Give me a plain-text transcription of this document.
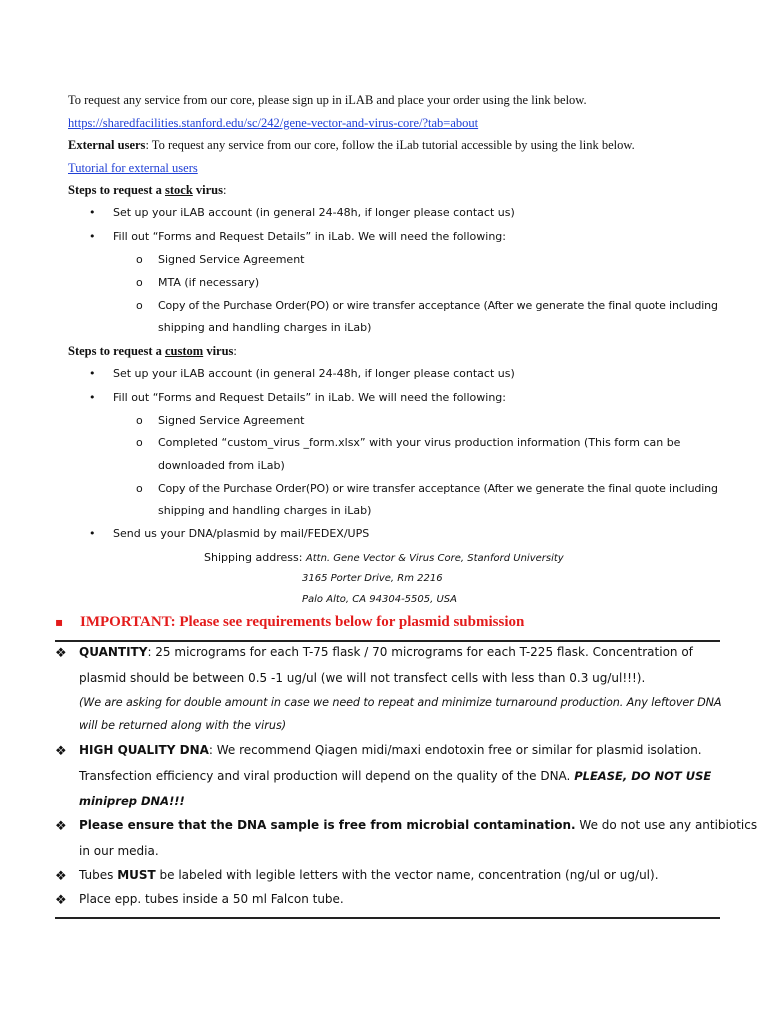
To request any service from our core, please sign up in iLAB and place your order using the link below.
https://sharedfacilities.stanford.edu/sc/242/gene-vector-and-virus-core/?tab=about
External users: To request any service from our core, follow the iLab tutorial accessible by using the link below.
Tutorial for external users
Steps to request a stock virus:
• Set up your iLAB account (in general 24-48h, if longer please contact us)
• Fill out “Forms and Request Details” in iLab. We will need the following:
o Signed Service Agreement
o MTA (if necessary)
o Copy of the Purchase Order(PO) or wire transfer acceptance (After we generate the final quote including
shipping and handling charges in iLab)
Steps to request a custom virus:
• Set up your iLAB account (in general 24-48h, if longer please contact us)
• Fill out “Forms and Request Details” in iLab. We will need the following:
o Signed Service Agreement
o Completed “custom_virus _form.xlsx” with your virus production information (This form can be
downloaded from iLab)
o Copy of the Purchase Order(PO) or wire transfer acceptance (After we generate the final quote including
shipping and handling charges in iLab)
• Send us your DNA/plasmid by mail/FEDEX/UPS
Shipping address: Attn. Gene Vector & Virus Core, Stanford University
3165 Porter Drive, Rm 2216
Palo Alto, CA 94304-5505, USA
▪ IMPORTANT: Please see requirements below for plasmid submission
❖ QUANTITY: 25 micrograms for each T-75 flask / 70 micrograms for each T-225 flask. Concentration of
plasmid should be between 0.5 -1 ug/ul (we will not transfect cells with less than 0.3 ug/ul!!!).
(We are asking for double amount in case we need to repeat and minimize turnaround production. Any leftover DNA
will be returned along with the virus)
❖ HIGH QUALITY DNA: We recommend Qiagen midi/maxi endotoxin free or similar for plasmid isolation.
Transfection efficiency and viral production will depend on the quality of the DNA. PLEASE, DO NOT USE
miniprep DNA!!!
❖ Please ensure that the DNA sample is free from microbial contamination. We do not use any antibiotics
in our media.
❖ Tubes MUST be labeled with legible letters with the vector name, concentration (ng/ul or ug/ul).
❖ Place epp. tubes inside a 50 ml Falcon tube.
